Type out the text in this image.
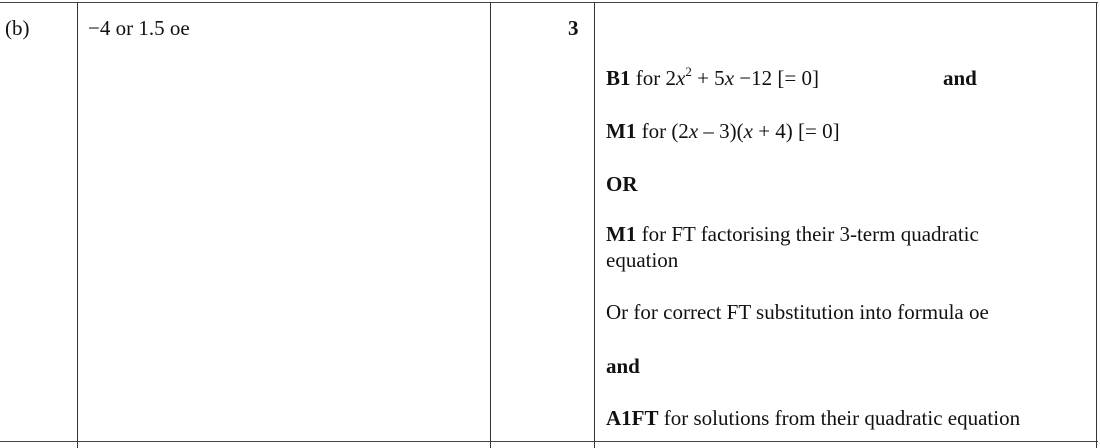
(b)	−4 or 1.5 oe	3
B1 for $2x^2 + 5x -12$ [= 0]	and
M1 for (2x – 3)(x + 4) [= 0]
OR
M1 for FT factorising their 3-term quadratic equation
Or for correct FT substitution into formula oe
and
A1FT for solutions from their quadratic equation
